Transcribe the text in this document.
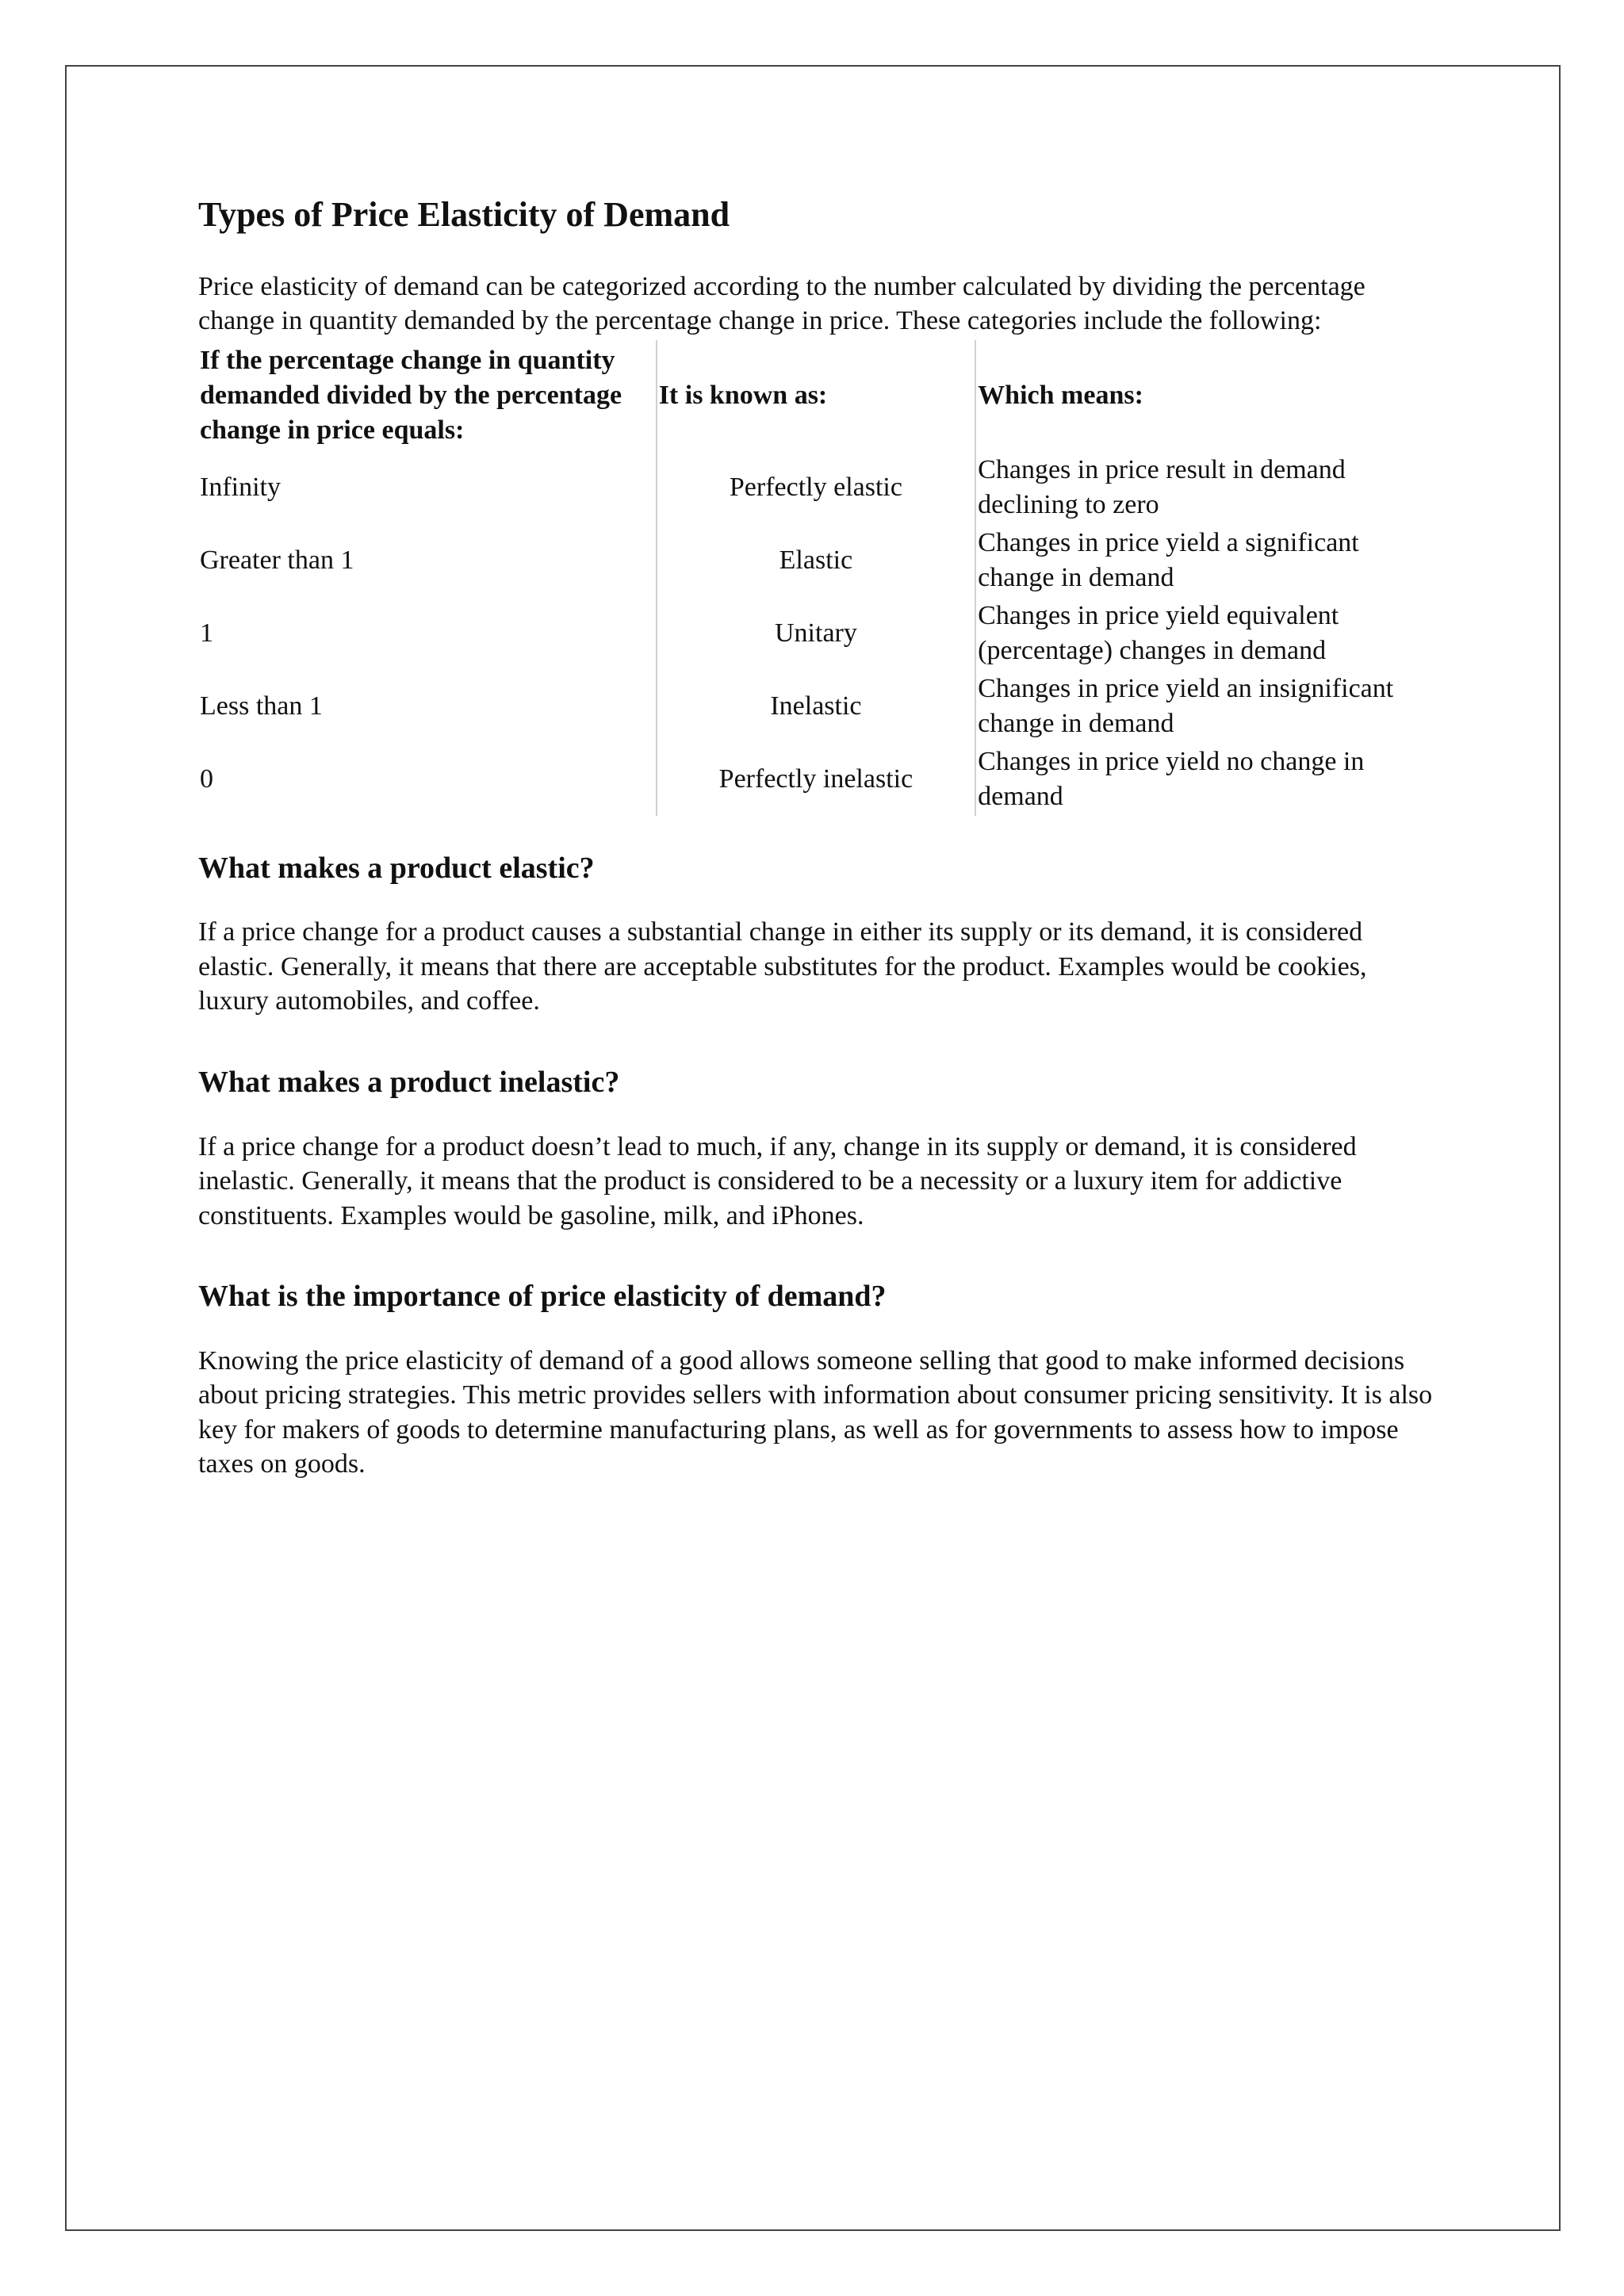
Types of Price Elasticity of Demand

Price elasticity of demand can be categorized according to the number calculated by dividing the percentage change in quantity demanded by the percentage change in price. These categories include the following:

If the percentage change in quantity demanded divided by the percentage change in price equals:	It is known as:	Which means:
Infinity	Perfectly elastic	Changes in price result in demand declining to zero
Greater than 1	Elastic	Changes in price yield a significant change in demand
1	Unitary	Changes in price yield equivalent (percentage) changes in demand
Less than 1	Inelastic	Changes in price yield an insignificant change in demand
0	Perfectly inelastic	Changes in price yield no change in demand
What makes a product elastic?

If a price change for a product causes a substantial change in either its supply or its demand, it is considered elastic. Generally, it means that there are acceptable substitutes for the product. Examples would be cookies, luxury automobiles, and coffee.

What makes a product inelastic?

If a price change for a product doesn’t lead to much, if any, change in its supply or demand, it is considered inelastic. Generally, it means that the product is considered to be a necessity or a luxury item for addictive constituents. Examples would be gasoline, milk, and iPhones.

What is the importance of price elasticity of demand?

Knowing the price elasticity of demand of a good allows someone selling that good to make informed decisions about pricing strategies. This metric provides sellers with information about consumer pricing sensitivity. It is also key for makers of goods to determine manufacturing plans, as well as for governments to assess how to impose taxes on goods.
